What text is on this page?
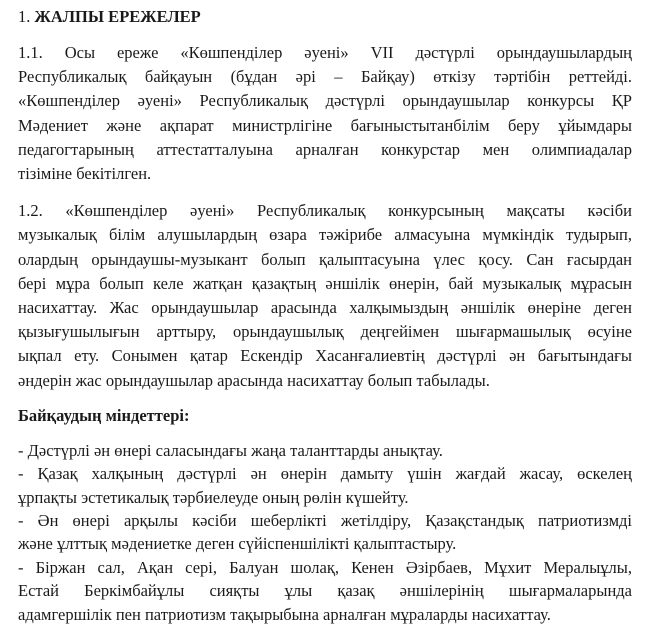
1. ЖАЛПЫ ЕРЕЖЕЛЕР
1.1. Осы ереже «Көшпенділер әуені» VII дәстүрлі орындаушылардың
Республикалық байқауын (бұдан әрі – Байқау) өткізу тәртібін реттейді.
«Көшпенділер әуені» Республикалық дәстүрлі орындаушылар конкурсы ҚР
Мәдениет және ақпарат министрлігіне бағыныстытанбілім беру ұйымдары
педагогтарының аттестатталуына арналған конкурстар мен олимпиадалар
тізіміне бекітілген.
1.2. «Көшпенділер әуені» Республикалық конкурсының мақсаты кәсіби
музыкалық білім алушылардың өзара тәжірибе алмасуына мүмкіндік тудырып,
олардың орындаушы-музыкант болып қалыптасуына үлес қосу. Сан ғасырдан
бері мұра болып келе жатқан қазақтың әншілік өнерін, бай музыкалық мұрасын
насихаттау. Жас орындаушылар арасында халқымыздың әншілік өнеріне деген
қызығушылығын арттыру, орындаушылық деңгейімен шығармашылық өсуіне
ықпал ету. Сонымен қатар Ескендір Хасанғалиевтің дәстүрлі ән бағытындағы
әндерін жас орындаушылар арасында насихаттау болып табылады.
Байқаудың міндеттері:
- Дәстүрлі ән өнері саласындағы жаңа таланттарды анықтау.
- Қазақ халқының дәстүрлі ән өнерін дамыту үшін жағдай жасау, өскелең
ұрпақты эстетикалық тәрбиелеуде оның рөлін күшейту.
- Ән өнері арқылы кәсіби шеберлікті жетілдіру, Қазақстандық патриотизмді
және ұлттық мәдениетке деген сүйіспеншілікті қалыптастыру.
- Біржан сал, Ақан сері, Балуан шолақ, Кенен Әзірбаев, Мұхит Мералыұлы,
Естай Беркімбайұлы сияқты ұлы қазақ әншілерінің шығармаларында
адамгершілік пен патриотизм тақырыбына арналған мұраларды насихаттау.
